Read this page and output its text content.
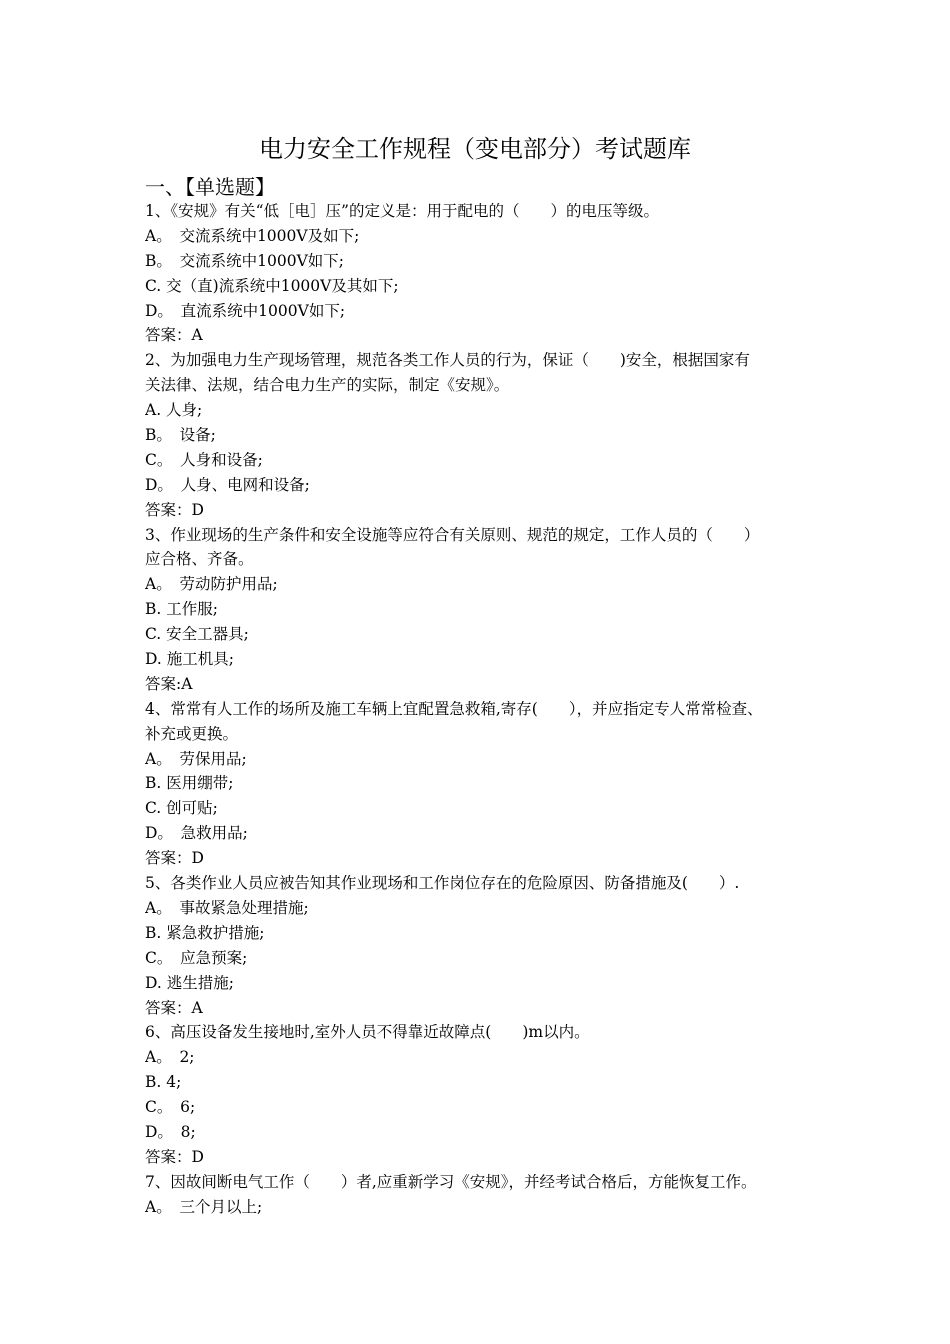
电力安全工作规程（变电部分）考试题库
一、【单选题】
1、《安规》有关“低［电］压”的定义是：用于配电的（　　）的电压等级。
A。　交流系统中1000V及如下;
B。　交流系统中1000V如下;
C. 交（直)流系统中1000V及其如下;
D。　直流系统中1000V如下;
答案：A
2、为加强电力生产现场管理，规范各类工作人员的行为，保证（　　)安全，根据国家有
关法律、法规，结合电力生产的实际，制定《安规》。
A. 人身;
B。　设备;
C。　人身和设备;
D。　人身、电网和设备;
答案：D
3、作业现场的生产条件和安全设施等应符合有关原则、规范的规定，工作人员的（　　）
应合格、齐备。
A。　劳动防护用品;
B. 工作服;
C. 安全工器具;
D. 施工机具;
答案:A
4、常常有人工作的场所及施工车辆上宜配置急救箱,寄存(　　），并应指定专人常常检查、
补充或更换。
A。　劳保用品;
B. 医用绷带;
C. 创可贴;
D。　急救用品;
答案：D
5、各类作业人员应被告知其作业现场和工作岗位存在的危险原因、防备措施及(　　）.
A。　事故紧急处理措施;
B. 紧急救护措施;
C。　应急预案;
D. 逃生措施;
答案：A
6、高压设备发生接地时,室外人员不得靠近故障点(　　)m以内。
A。　2;
B. 4;
C。　6;
D。　8;
答案：D
7、因故间断电气工作（　　）者,应重新学习《安规》，并经考试合格后，方能恢复工作。
A。　三个月以上;
